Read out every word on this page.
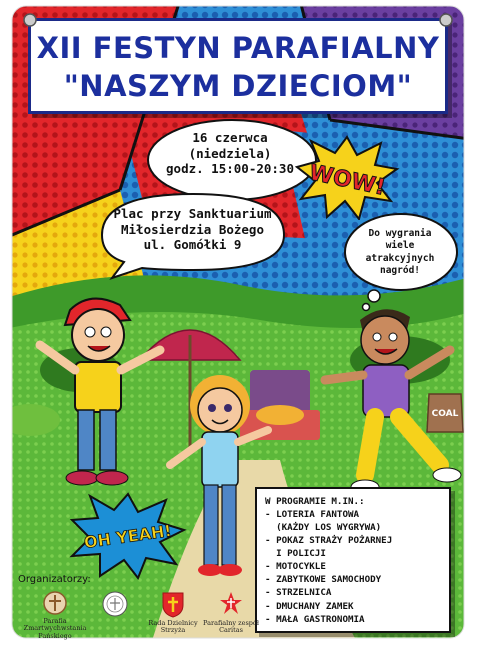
XII FESTYN PARAFIALNY
"NASZYM DZIECIOM"
16 czerwca
(niedziela)
godz. 15:00-20:30
Plac przy Sanktuarium
Miłosierdzia Bożego
ul. Gomółki 9
WOW!
Do wygrania
wiele
atrakcyjnych
nagród!
COAL
OH YEAH!
W PROGRAMIE M.IN.:
- LOTERIA FANTOWA
(KAŻDY LOS WYGRYWA)
- POKAZ STRAŻY POŻARNEJ
I POLICJI
- MOTOCYKLE
- ZABYTKOWE SAMOCHODY
- STRZELNICA
- DMUCHANY ZAMEK
- MAŁA GASTRONOMIA
Organizatorzy:
Parafia
Zmartwychwstania Pańskiego
Rada Dzielnicy
Strzyża
Parafialny zespół
Caritas
